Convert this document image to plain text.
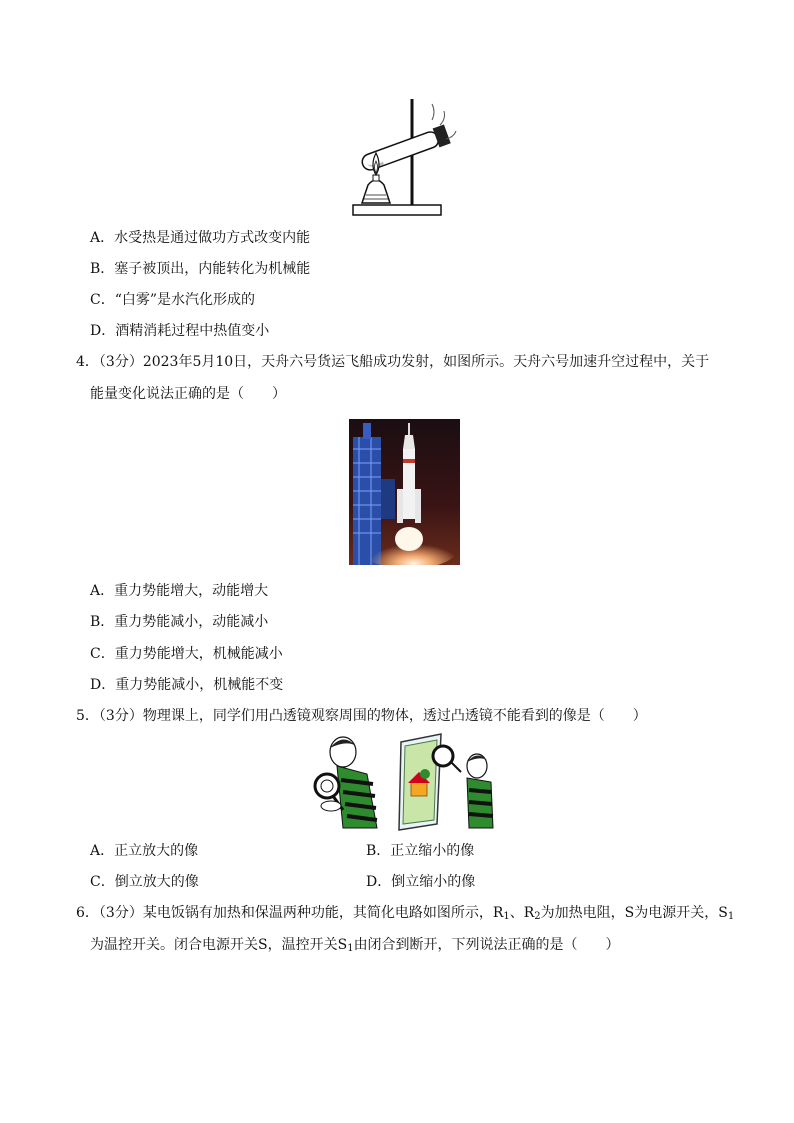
A．水受热是通过做功方式改变内能
B．塞子被顶出，内能转化为机械能
C．“白雾”是水汽化形成的
D．酒精消耗过程中热值变小
4．（3分）2023年5月10日，天舟六号货运飞船成功发射，如图所示。天舟六号加速升空过程中，关于
能量变化说法正确的是（　　）
A．重力势能增大，动能增大
B．重力势能减小，动能减小
C．重力势能增大，机械能减小
D．重力势能减小，机械能不变
5．（3分）物理课上，同学们用凸透镜观察周围的物体，透过凸透镜不能看到的像是（　　）
A．正立放大的像	B．正立缩小的像
C．倒立放大的像	D．倒立缩小的像
6．（3分）某电饭锅有加热和保温两种功能，其简化电路如图所示，$R_1$、$R_2$为加热电阻，S为电源开关，$S_1$
为温控开关。闭合电源开关S，温控开关$S_1$由闭合到断开，下列说法正确的是（　　）
